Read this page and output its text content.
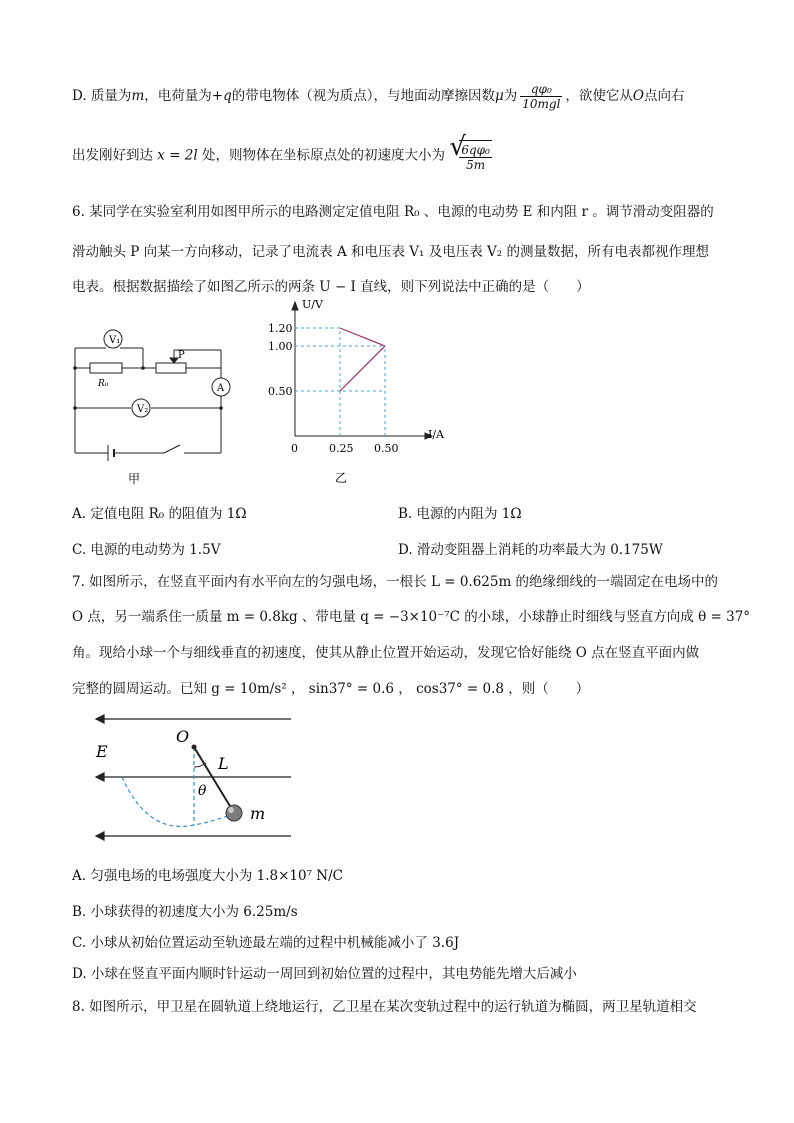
D. 质量为m，电荷量为+q的带电物体（视为质点），与地面动摩擦因数μ为 $\frac{\text{qφ₀}}{\text{10mgl}}$ ，欲使它从O点向右
出发刚好到达 x = 2l 处，则物体在坐标原点处的初速度大小为 √
$\frac{\text{6qφ₀}}{5m}$
6. 某同学在实验室利用如图甲所示的电路测定定值电阻 R₀ 、电源的电动势 E 和内阻 r 。调节滑动变阻器的
滑动触头 P 向某一方向移动，记录了电流表 A 和电压表 V₁ 及电压表 V₂ 的测量数据，所有电表都视作理想
电表。根据数据描绘了如图乙所示的两条 U − I 直线，则下列说法中正确的是（　　）
V₁
A
V₂
R₀
P
甲
U/V
I/A
0.50
1.00
1.20
0	0.25 0.50
乙
A. 定值电阻 R₀ 的阻值为 1Ω	B. 电源的内阻为 1Ω
C. 电源的电动势为 1.5V	D. 滑动变阻器上消耗的功率最大为 0.175W
7. 如图所示，在竖直平面内有水平向左的匀强电场，一根长 L = 0.625m 的绝缘细线的一端固定在电场中的
O 点，另一端系住一质量 m = 0.8kg 、带电量 q = −3×10⁻⁷C 的小球，小球静止时细线与竖直方向成 θ = 37°
角。现给小球一个与细线垂直的初速度，使其从静止位置开始运动，发现它恰好能绕 O 点在竖直平面内做
完整的圆周运动。已知 g = 10m/s² ， sin37° = 0.6 ， cos37° = 0.8 ，则（　　）
O
E
L
θ
m
A. 匀强电场的电场强度大小为 1.8×10⁷ N/C
B. 小球获得的初速度大小为 6.25m/s
C. 小球从初始位置运动至轨迹最左端的过程中机械能减小了 3.6J
D. 小球在竖直平面内顺时针运动一周回到初始位置的过程中，其电势能先增大后减小
8. 如图所示，甲卫星在圆轨道上绕地运行，乙卫星在某次变轨过程中的运行轨道为椭圆，两卫星轨道相交
